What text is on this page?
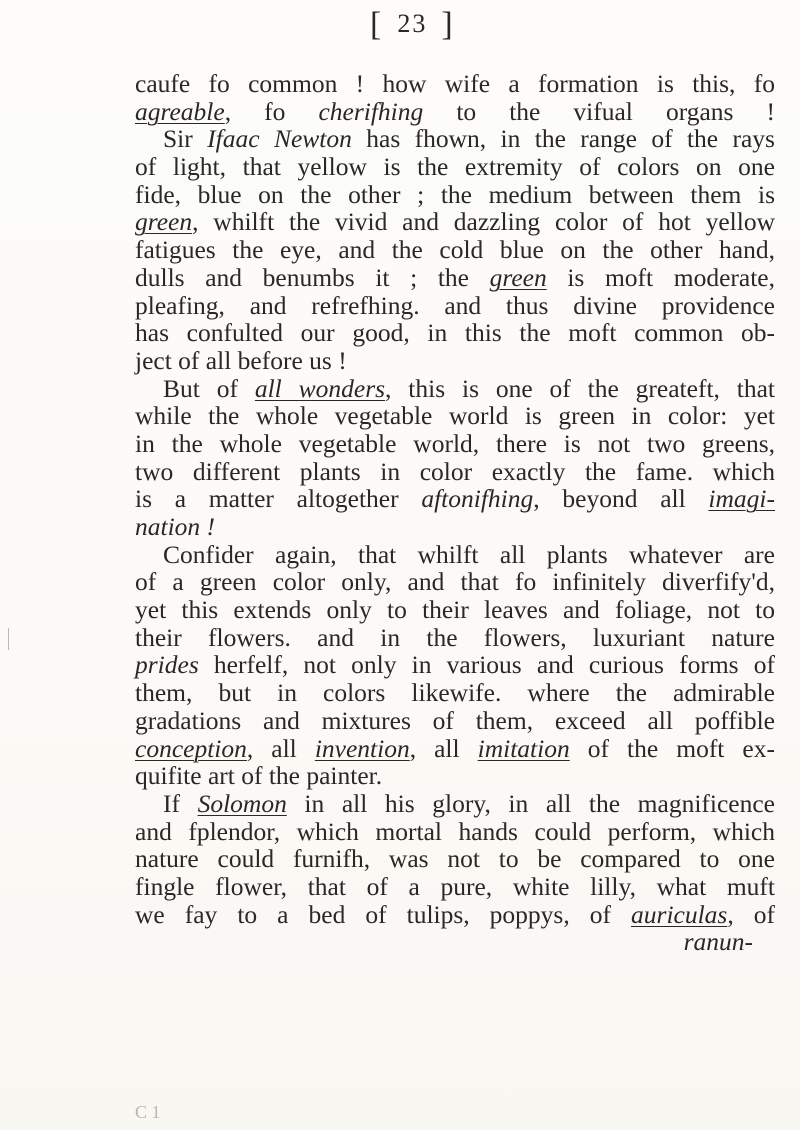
[ 23 ]
caufe fo common ! how wife a formation is this, fo
agreable, fo cherifhing to the vifual organs !
Sir Ifaac Newton has fhown, in the range of the rays
of light, that yellow is the extremity of colors on one
fide, blue on the other ; the medium between them is
green, whilft the vivid and dazzling color of hot yellow
fatigues the eye, and the cold blue on the other hand,
dulls and benumbs it ; the green is moft moderate,
pleafing, and refrefhing. and thus divine providence
has confulted our good, in this the moft common ob-
ject of all before us !
But of all wonders, this is one of the greateft, that
while the whole vegetable world is green in color: yet
in the whole vegetable world, there is not two greens,
two different plants in color exactly the fame. which
is a matter altogether aftonifhing, beyond all imagi-
nation !
Confider again, that whilft all plants whatever are
of a green color only, and that fo infinitely diverfify'd,
yet this extends only to their leaves and foliage, not to
their flowers. and in the flowers, luxuriant nature
prides herfelf, not only in various and curious forms of
them, but in colors likewife. where the admirable
gradations and mixtures of them, exceed all poffible
conception, all invention, all imitation of the moft ex-
quifite art of the painter.
If Solomon in all his glory, in all the magnificence
and fplendor, which mortal hands could perform, which
nature could furnifh, was not to be compared to one
fingle flower, that of a pure, white lilly, what muft
we fay to a bed of tulips, poppys, of auriculas, of
ranun-
C 1
